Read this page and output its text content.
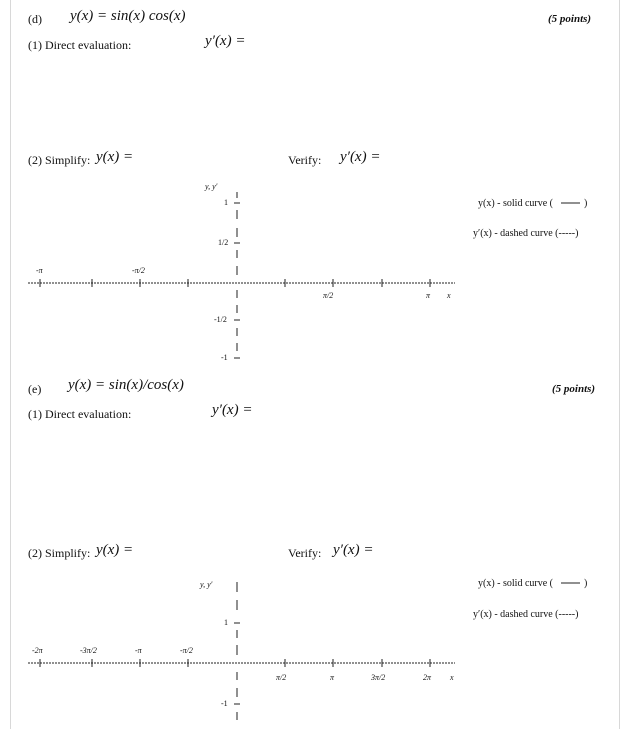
(d) y(x) = sin(x) cos(x)	(5 points)
(1) Direct evaluation:	y′(x) =
(2) Simplify: y(x) =	Verify: y′(x) =
y, y′
1
1/2
-1/2
-1
-π	-π/2
π/2	π x
y(x) - solid curve (	)
y′(x) - dashed curve (-----)
(e) y(x) = sin(x)/cos(x)	(5 points)
(1) Direct evaluation:	y′(x) =
(2) Simplify: y(x) =	Verify: y′(x) =
y, y′
1
-1
-2π	-3π/2	-π	-π/2
π/2	π	3π/2	2π x
y(x) - solid curve (	)
y′(x) - dashed curve (-----)
